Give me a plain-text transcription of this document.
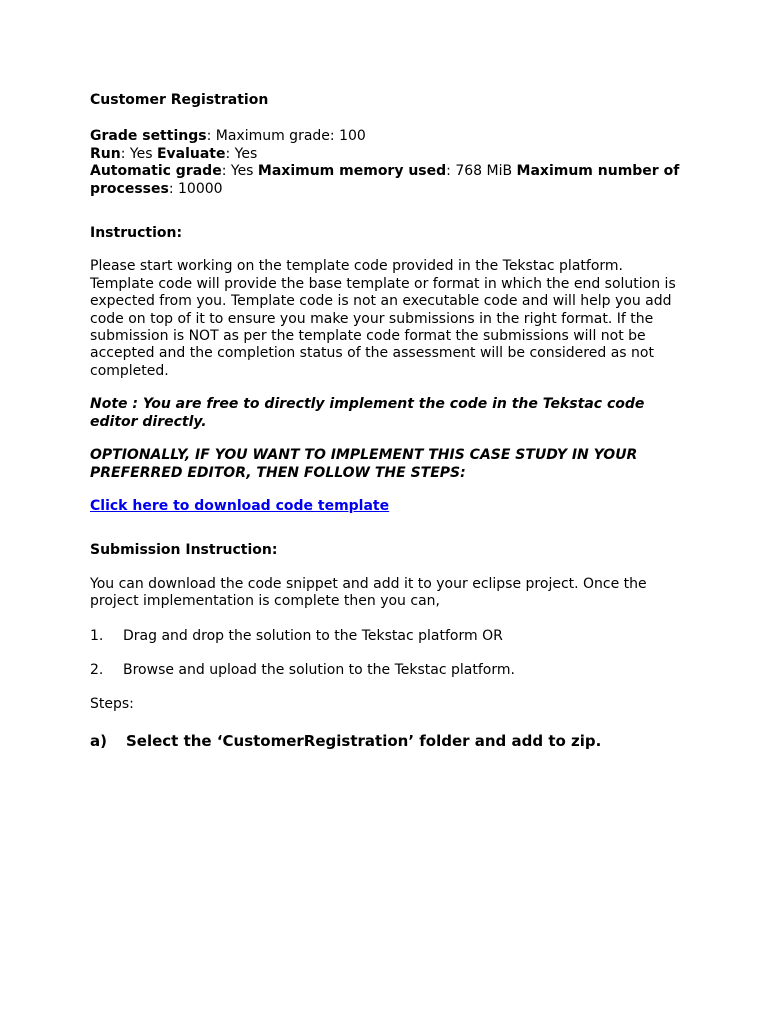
Customer Registration

Grade settings: Maximum grade: 100
Run: Yes Evaluate: Yes
Automatic grade: Yes Maximum memory used: 768 MiB Maximum number of processes: 10000

Instruction:

Please start working on the template code provided in the Tekstac platform. Template code will provide the base template or format in which the end solution is expected from you. Template code is not an executable code and will help you add code on top of it to ensure you make your submissions in the right format. If the submission is NOT as per the template code format the submissions will not be accepted and the completion status of the assessment will be considered as not completed.

Note : You are free to directly implement the code in the Tekstac code editor directly.

OPTIONALLY, IF YOU WANT TO IMPLEMENT THIS CASE STUDY IN YOUR PREFERRED EDITOR, THEN FOLLOW THE STEPS:

Click here to download code template

Submission Instruction:

You can download the code snippet and add it to your eclipse project. Once the project implementation is complete then you can,

1.	Drag and drop the solution to the Tekstac platform OR
2.	Browse and upload the solution to the Tekstac platform.

Steps:

a)	Select the ‘CustomerRegistration’ folder and add to zip.
